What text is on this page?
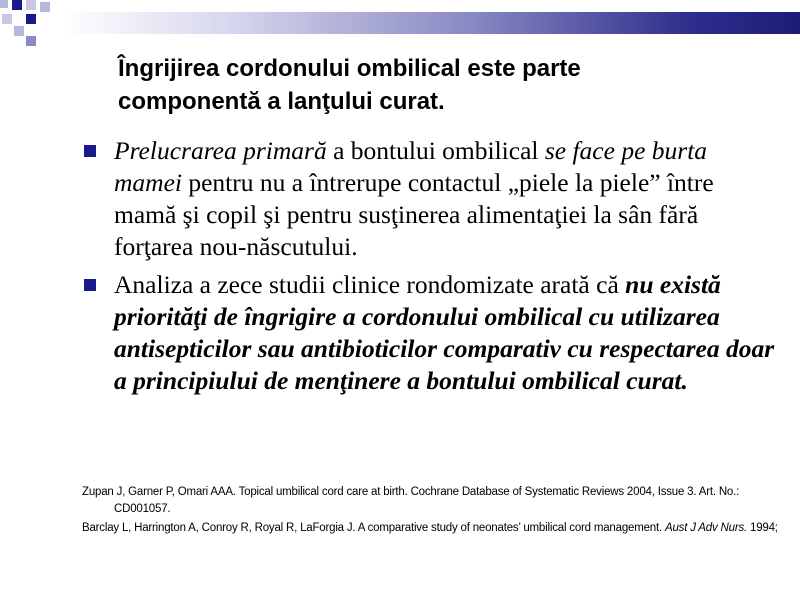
Îngrijirea cordonului ombilical este parte
componentă a lanţului curat.
Prelucrarea primară a bontului ombilical se face pe burta mamei pentru nu a întrerupe contactul „piele la piele” între mamă şi copil şi pentru susţinerea alimentaţiei la sân fără forţarea nou-născutului.
Analiza a zece studii clinice rondomizate arată că nu există priorităţi de îngrigire a cordonului ombilical cu utilizarea antisepticilor sau antibioticilor comparativ cu respectarea doar a principiului de menţinere a bontului ombilical curat.
Zupan J, Garner P, Omari AAA. Topical umbilical cord care at birth. Cochrane Database of Systematic Reviews 2004, Issue 3. Art. No.: CD001057.
Barclay L, Harrington A, Conroy R, Royal R, LaForgia J. A comparative study of neonates’ umbilical cord management. Aust J Adv Nurs. 1994;
